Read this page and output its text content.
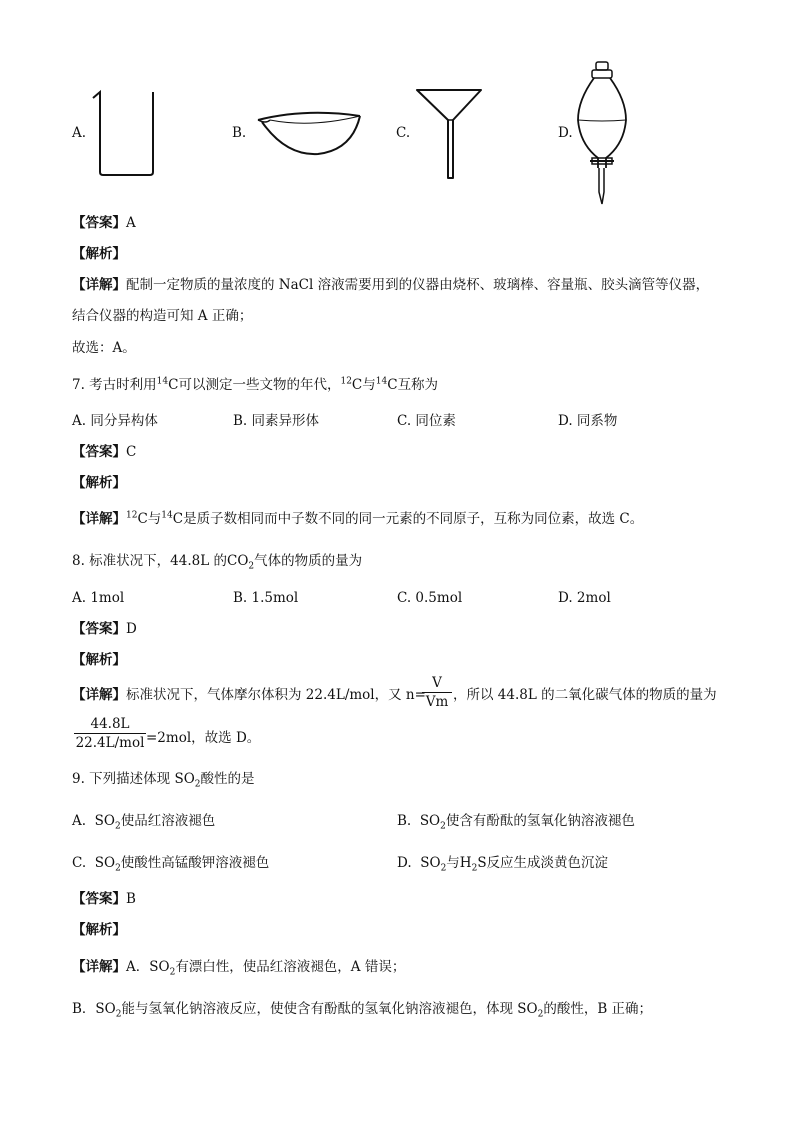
A.	B.	C.	D.
【答案】A
【解析】
【详解】配制一定物质的量浓度的 NaCl 溶液需要用到的仪器由烧杯、玻璃棒、容量瓶、胶头滴管等仪器，
结合仪器的构造可知 A 正确；
故选：A。
7. 考古时利用$^{14}$C可以测定一些文物的年代，$^{12}$C与$^{14}$C互称为
A. 同分异构体	B. 同素异形体	C. 同位素	D. 同系物
【答案】C
【解析】
【详解】$^{12}$C与$^{14}$C是质子数相同而中子数不同的同一元素的不同原子，互称为同位素，故选 C。
8. 标准状况下，44.8L 的$CO_2$气体的物质的量为
A. 1mol	B. 1.5mol	C. 0.5mol	D. 2mol
【答案】D
【解析】
【详解】标准状况下，气体摩尔体积为 22.4L/mol，又 n=
V
Vm ，所以 44.8L 的二氧化碳气体的物质的量为
44.8L
22.4L/mol =2mol，故选 D。
9. 下列描述体现 $SO_2$酸性的是
A. $SO_2$使品红溶液褪色	B. $SO_2$使含有酚酞的氢氧化钠溶液褪色
C. $SO_2$使酸性高锰酸钾溶液褪色	D. $SO_2$与$H_2S$反应生成淡黄色沉淀
【答案】B
【解析】
【详解】A．$SO_2$有漂白性，使品红溶液褪色，A 错误；
B．$SO_2$能与氢氧化钠溶液反应，使使含有酚酞的氢氧化钠溶液褪色，体现 $SO_2$的酸性，B 正确；
